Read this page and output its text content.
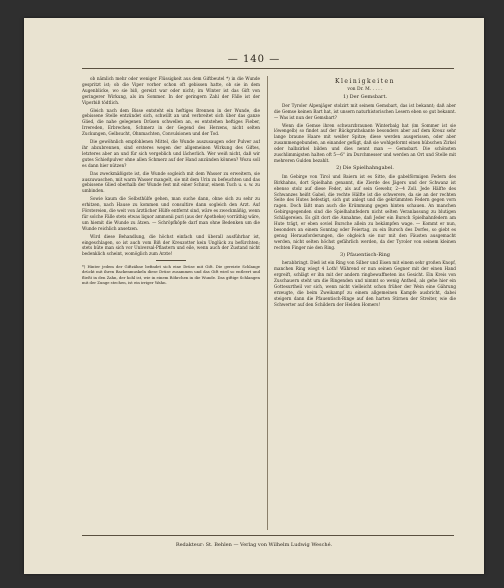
— 140 —

ob nämlich mehr oder weniger Flüssigkeit aus dem Giftbeutel *) in die Wunde gespritzt ist; ob die Viper vorher schon oft gebissen hatte, ob sie in dem Augenblicke, wo sie biß, gereizt war oder nicht; im Winter ist das Gift von geringerer Wirkung, als im Sommer. In der geringern Zahl der Fälle ist der Viperbiß tödtlich.

Gleich nach dem Bisse entsteht ein heftiges Brennen in der Wunde, die gebissene Stelle entzündet sich, schwillt an und verbreitet sich über das ganze Glied, die nahe gelegenen Drüsen schwellen an, es entstehen heftiges Fieber, Irrereden, Erbrechen, Schmerz in der Gegend des Herzens, nicht selten Zuckungen, Gelbsucht, Ohnmachten, Convulsionen und der Tod.

Die gewöhnlich empfohlenen Mittel, die Wunde auszusaugen oder Pulver auf ihr abzubrennen, sind ersteres wegen der allgemeinen Wirkung des Giftes, letzteres aber an und für sich vergeblich und lächerlich. Wer weiß nicht, daß wir gutes Schießpulver ohne allen Schmerz auf der Hand anzünden können? Wozu soll es dann hier nützen?

Das zweckmäßigste ist, die Wunde sogleich mit dem Wasser zu erweitern, sie auszuwaschen, mit warm Wasser mangelt, sie mit dem Urin zu befeuchten und das gebissene Glied oberhalb der Wunde fest mit einer Schnur, einem Tuch u. s. w. zu umbinden.

Sowie kaum die Selbsthülfe gehen, man suche dann, ohne sich zu sehr zu erhitzen, nach Hause zu kommen und consultire dann sogleich den Arzt. Auf Förstereien, die weit von ärztlicher Hülfe entfernt sind, wäre es zweckmäßig, wenn für solche Fälle stets etwas liquor ammonii puri (aus der Apotheke) vorräthig wäre, um hiemit die Wunde zu ätzen. — Schröpfköpfe darf man ohne Bedenken um die Wunde reichlich ansetzen.

Wird diese Behandlung, die höchst einfach und überall ausführbar ist, eingeschlagen, so ist auch vom Biß der Kreuzotter kein Unglück zu befürchten; stets hüte man sich vor Universal-Pflastern und eile, wenn auch der Zustand nicht bedenklich scheint, womöglich zum Arzte!

*) Hinter jedem der Giftzähne befindet sich eine Drüse mit Gift. Die gereizte Schlange drückt mit ihren Backenmuskeln diese Drüse zusammen und das Gift wird so entleert und fließt in den Zahn, der hohl ist, wie in einem Röhrchen in die Wunde. Das giftige Schlangen mit der Zunge stechen, ist ein irriger Wahn.

Kleinigkeiten

von Dr. M. . . . .

1) Der Gemsbart.

Der Tyroler Alpenjäger stolzirt mit seinem Gemsbart, das ist bekannt; daß aber die Gemse keinen Bart hat, ist unsern naturhistorischen Lesern eben so gut bekannt. — Was ist nun der Gemsbart?

Wenn die Gemse ihren schwarzbraunen Winterbalg hat (im Sommer ist sie löwengelb) so findet auf der Rückgrathskante besonders aber auf dem Kreuz sehr lange braune Haare mit weißer Spitze; diese werden ausgerissen, oder aber zusammengebunden, an einander gefügt, daß sie wohlgeformt einen hübschen Zirkel oder halbzirkel bilden und dies nennt man — Gemsbart. Die schönsten zuschlimmigsten halten oft 5—6'' im Durchmesser und werden an Ort und Stelle mit mehreren Gulden bezahlt.

2) Die Spielhahngabel.

Im Gebirge von Tirol und Baiern ist es Sitte, die gabelförmigen Federn des Birkhahns, dort Spielhahn genannt, die Zierde des Jägers und der Schwanz ist ebenso stolz auf diese Feder, als auf sein Gewehr, 2—4 Zoll. Jede Hälfte des Schwanzes heißt Gabel, die rechte Hälfte ist die schwerere, da sie an der rechten Seite des Hutes befestigt, sich gut anlegt und die gekrümmten Federn gegen vorn ragen. Doch läßt man auch die Krümmung gegen hinten schauen. An manchen Gebirgsgegenden sind die Spielhahnfedern nicht selten Veranlassung zu blutigen Schlägereien. Es gilt dort die Annahme, daß Jeder ein Bursch Spielhahnfedern am Hute trägt, er eben soviel Bursche allein zu bekämpfen wage. — Kommt er nun, besonders an einem Sonntag oder Feiertag, zu ein Bursch des Dorfes, so giebt es genug Herausforderungen, die obgleich sie nur mit den Fäusten ausgemacht werden, nicht selten höchst gefährlich werden, da der Tyroler von seinem kleinen rechten Finger nie den Ring.

3) Pfauentisch-Ring

herabbringt. Dieß ist ein Ring von Silber und Eisen mit einem sehr großen Knopf, manchen Ring wiegt 4 Loth! Während er nun seinen Gegner mit der einen Hand ergreift, schlägt er ihn mit der andern ringbewaffneten ins Gesicht. Ein Kreis von Zuschauern steht um die Ringenden und nimmt so wenig Antheil, als gehe hier ein Gottesurtheil vor sich, wenn nicht vielleicht schon früher der Wein eine Gährung erzeugte, die beim Zweikampf zu einem allgemeinen Kampfe ausbricht, dabei steigern dann die Pfauentisch-Ringe auf den harten Stirnen der Streiter, wie die Schwerter auf den Schildern der Helden Homers!

Redakteur: St. Behlen — Verlag von Wilhelm Ludwig Wesché.
